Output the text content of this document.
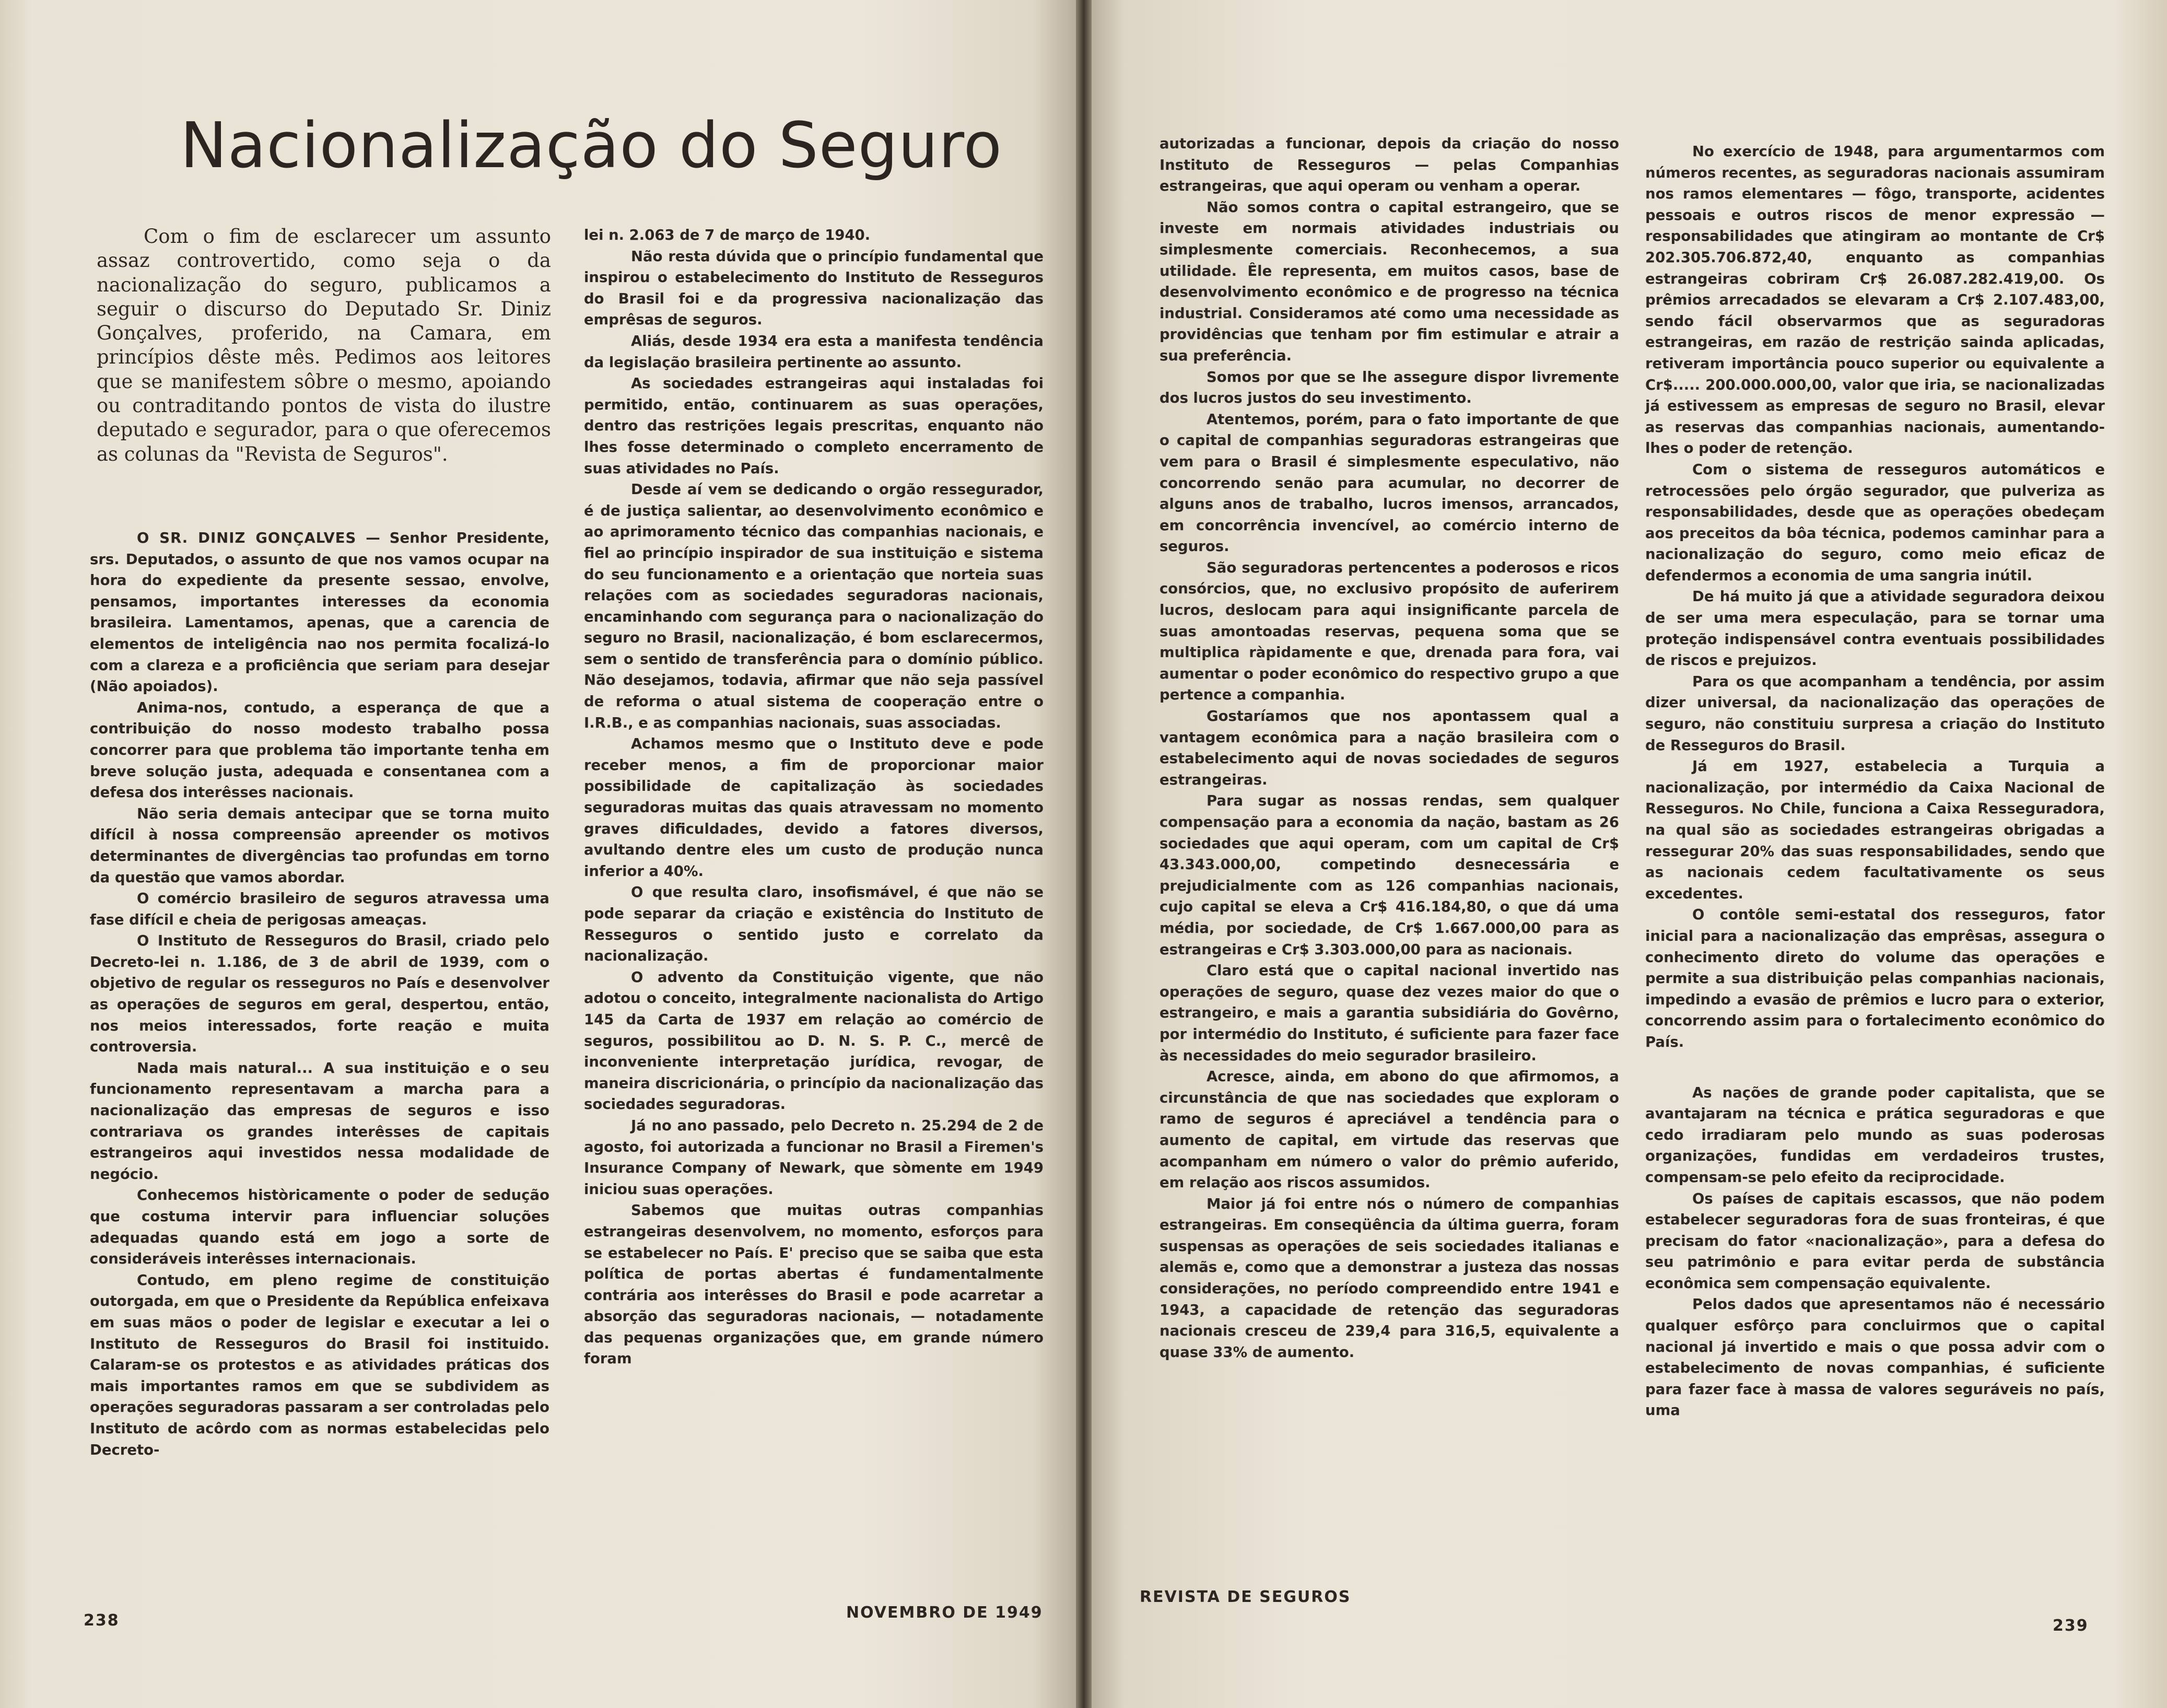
Nacionalização do Seguro

Com o fim de esclarecer um assunto assaz controvertido, como seja o da nacionalização do seguro, publicamos a seguir o discurso do Deputado Sr. Diniz Gonçalves, proferido, na Camara, em princípios dêste mês. Pedimos aos leitores que se manifestem sôbre o mesmo, apoiando ou contraditando pontos de vista do ilustre deputado e segurador, para o que oferecemos as colunas da "Revista de Seguros".

O SR. DINIZ GONÇALVES — Senhor Presidente, srs. Deputados, o assunto de que nos vamos ocupar na hora do expediente da presente sessao, envolve, pensamos, importantes interesses da economia brasileira. Lamentamos, apenas, que a carencia de elementos de inteligência nao nos permita focalizá-lo com a clareza e a proficiência que seriam para desejar (Não apoiados).

Anima-nos, contudo, a esperança de que a contribuição do nosso modesto trabalho possa concorrer para que problema tão importante tenha em breve solução justa, adequada e consentanea com a defesa dos interêsses nacionais.

Não seria demais antecipar que se torna muito difícil à nossa compreensão apreender os motivos determinantes de divergências tao profundas em torno da questão que vamos abordar.

O comércio brasileiro de seguros atravessa uma fase difícil e cheia de perigosas ameaças.

O Instituto de Resseguros do Brasil, criado pelo Decreto-lei n. 1.186, de 3 de abril de 1939, com o objetivo de regular os resseguros no País e desenvolver as operações de seguros em geral, despertou, então, nos meios interessados, forte reação e muita controversia.

Nada mais natural... A sua instituição e o seu funcionamento representavam a marcha para a nacionalização das empresas de seguros e isso contrariava os grandes interêsses de capitais estrangeiros aqui investidos nessa modalidade de negócio.

Conhecemos històricamente o poder de sedução que costuma intervir para influenciar soluções adequadas quando está em jogo a sorte de consideráveis interêsses internacionais.

Contudo, em pleno regime de constituição outorgada, em que o Presidente da República enfeixava em suas mãos o poder de legislar e executar a lei o Instituto de Resseguros do Brasil foi instituido. Calaram-se os protestos e as atividades práticas dos mais importantes ramos em que se subdividem as operações seguradoras passaram a ser controladas pelo Instituto de acôrdo com as normas estabelecidas pelo Decreto-

lei n. 2.063 de 7 de março de 1940.

Não resta dúvida que o princípio fundamental que inspirou o estabelecimento do Instituto de Resseguros do Brasil foi e da progressiva nacionalização das emprêsas de seguros.

Aliás, desde 1934 era esta a manifesta tendência da legislação brasileira pertinente ao assunto.

As sociedades estrangeiras aqui instaladas foi permitido, então, continuarem as suas operações, dentro das restrições legais prescritas, enquanto não lhes fosse determinado o completo encerramento de suas atividades no País.

Desde aí vem se dedicando o orgão ressegurador, é de justiça salientar, ao desenvolvimento econômico e ao aprimoramento técnico das companhias nacionais, e fiel ao princípio inspirador de sua instituição e sistema do seu funcionamento e a orientação que norteia suas relações com as sociedades seguradoras nacionais, encaminhando com segurança para o nacionalização do seguro no Brasil, nacionalização, é bom esclarecermos, sem o sentido de transferência para o domínio público. Não desejamos, todavia, afirmar que não seja passível de reforma o atual sistema de cooperação entre o I.R.B., e as companhias nacionais, suas associadas.

Achamos mesmo que o Instituto deve e pode receber menos, a fim de proporcionar maior possibilidade de capitalização às sociedades seguradoras muitas das quais atravessam no momento graves dificuldades, devido a fatores diversos, avultando dentre eles um custo de produção nunca inferior a 40%.

O que resulta claro, insofismável, é que não se pode separar da criação e existência do Instituto de Resseguros o sentido justo e correlato da nacionalização.

O advento da Constituição vigente, que não adotou o conceito, integralmente nacionalista do Artigo 145 da Carta de 1937 em relação ao comércio de seguros, possibilitou ao D. N. S. P. C., mercê de inconveniente interpretação jurídica, revogar, de maneira discricionária, o princípio da nacionalização das sociedades seguradoras.

Já no ano passado, pelo Decreto n. 25.294 de 2 de agosto, foi autorizada a funcionar no Brasil a Firemen's Insurance Company of Newark, que sòmente em 1949 iniciou suas operações.

Sabemos que muitas outras companhias estrangeiras desenvolvem, no momento, esforços para se estabelecer no País. E' preciso que se saiba que esta política de portas abertas é fundamentalmente contrária aos interêsses do Brasil e pode acarretar a absorção das seguradoras nacionais, — notadamente das pequenas organizações que, em grande número foram

238	NOVEMBRO DE 1949

autorizadas a funcionar, depois da criação do nosso Instituto de Resseguros — pelas Companhias estrangeiras, que aqui operam ou venham a operar.

Não somos contra o capital estrangeiro, que se investe em normais atividades industriais ou simplesmente comerciais. Reconhecemos, a sua utilidade. Êle representa, em muitos casos, base de desenvolvimento econômico e de progresso na técnica industrial. Consideramos até como uma necessidade as providências que tenham por fim estimular e atrair a sua preferência.

Somos por que se lhe assegure dispor livremente dos lucros justos do seu investimento.

Atentemos, porém, para o fato importante de que o capital de companhias seguradoras estrangeiras que vem para o Brasil é simplesmente especulativo, não concorrendo senão para acumular, no decorrer de alguns anos de trabalho, lucros imensos, arrancados, em concorrência invencível, ao comércio interno de seguros.

São seguradoras pertencentes a poderosos e ricos consórcios, que, no exclusivo propósito de auferirem lucros, deslocam para aqui insignificante parcela de suas amontoadas reservas, pequena soma que se multiplica ràpidamente e que, drenada para fora, vai aumentar o poder econômico do respectivo grupo a que pertence a companhia.

Gostaríamos que nos apontassem qual a vantagem econômica para a nação brasileira com o estabelecimento aqui de novas sociedades de seguros estrangeiras.

Para sugar as nossas rendas, sem qualquer compensação para a economia da nação, bastam as 26 sociedades que aqui operam, com um capital de Cr$ 43.343.000,00, competindo desnecessária e prejudicialmente com as 126 companhias nacionais, cujo capital se eleva a Cr$ 416.184,80, o que dá uma média, por sociedade, de Cr$ 1.667.000,00 para as estrangeiras e Cr$ 3.303.000,00 para as nacionais.

Claro está que o capital nacional invertido nas operações de seguro, quase dez vezes maior do que o estrangeiro, e mais a garantia subsidiária do Govêrno, por intermédio do Instituto, é suficiente para fazer face às necessidades do meio segurador brasileiro.

Acresce, ainda, em abono do que afirmomos, a circunstância de que nas sociedades que exploram o ramo de seguros é apreciável a tendência para o aumento de capital, em virtude das reservas que acompanham em número o valor do prêmio auferido, em relação aos riscos assumidos.

Maior já foi entre nós o número de companhias estrangeiras. Em conseqüência da última guerra, foram suspensas as operações de seis sociedades italianas e alemãs e, como que a demonstrar a justeza das nossas considerações, no período compreendido entre 1941 e 1943, a capacidade de retenção das seguradoras nacionais cresceu de 239,4 para 316,5, equivalente a quase 33% de aumento.

No exercício de 1948, para argumentarmos com números recentes, as seguradoras nacionais assumiram nos ramos elementares — fôgo, transporte, acidentes pessoais e outros riscos de menor expressão — responsabilidades que atingiram ao montante de Cr$ 202.305.706.872,40, enquanto as companhias estrangeiras cobriram Cr$ 26.087.282.419,00. Os prêmios arrecadados se elevaram a Cr$ 2.107.483,00, sendo fácil observarmos que as seguradoras estrangeiras, em razão de restrição sainda aplicadas, retiveram importância pouco superior ou equivalente a Cr$..... 200.000.000,00, valor que iria, se nacionalizadas já estivessem as empresas de seguro no Brasil, elevar as reservas das companhias nacionais, aumentando-lhes o poder de retenção.

Com o sistema de resseguros automáticos e retrocessões pelo órgão segurador, que pulveriza as responsabilidades, desde que as operações obedeçam aos preceitos da bôa técnica, podemos caminhar para a nacionalização do seguro, como meio eficaz de defendermos a economia de uma sangria inútil.

De há muito já que a atividade seguradora deixou de ser uma mera especulação, para se tornar uma proteção indispensável contra eventuais possibilidades de riscos e prejuizos.

Para os que acompanham a tendência, por assim dizer universal, da nacionalização das operações de seguro, não constituiu surpresa a criação do Instituto de Resseguros do Brasil.

Já em 1927, estabelecia a Turquia a nacionalização, por intermédio da Caixa Nacional de Resseguros. No Chile, funciona a Caixa Resseguradora, na qual são as sociedades estrangeiras obrigadas a ressegurar 20% das suas responsabilidades, sendo que as nacionais cedem facultativamente os seus excedentes.

O contôle semi-estatal dos resseguros, fator inicial para a nacionalização das emprêsas, assegura o conhecimento direto do volume das operações e permite a sua distribuição pelas companhias nacionais, impedindo a evasão de prêmios e lucro para o exterior, concorrendo assim para o fortalecimento econômico do País.

As nações de grande poder capitalista, que se avantajaram na técnica e prática seguradoras e que cedo irradiaram pelo mundo as suas poderosas organizações, fundidas em verdadeiros trustes, compensam-se pelo efeito da reciprocidade.

Os países de capitais escassos, que não podem estabelecer seguradoras fora de suas fronteiras, é que precisam do fator «nacionalização», para a defesa do seu patrimônio e para evitar perda de substância econômica sem compensação equivalente.

Pelos dados que apresentamos não é necessário qualquer esfôrço para concluirmos que o capital nacional já invertido e mais o que possa advir com o estabelecimento de novas companhias, é suficiente para fazer face à massa de valores seguráveis no país, uma

REVISTA DE SEGUROS
239
